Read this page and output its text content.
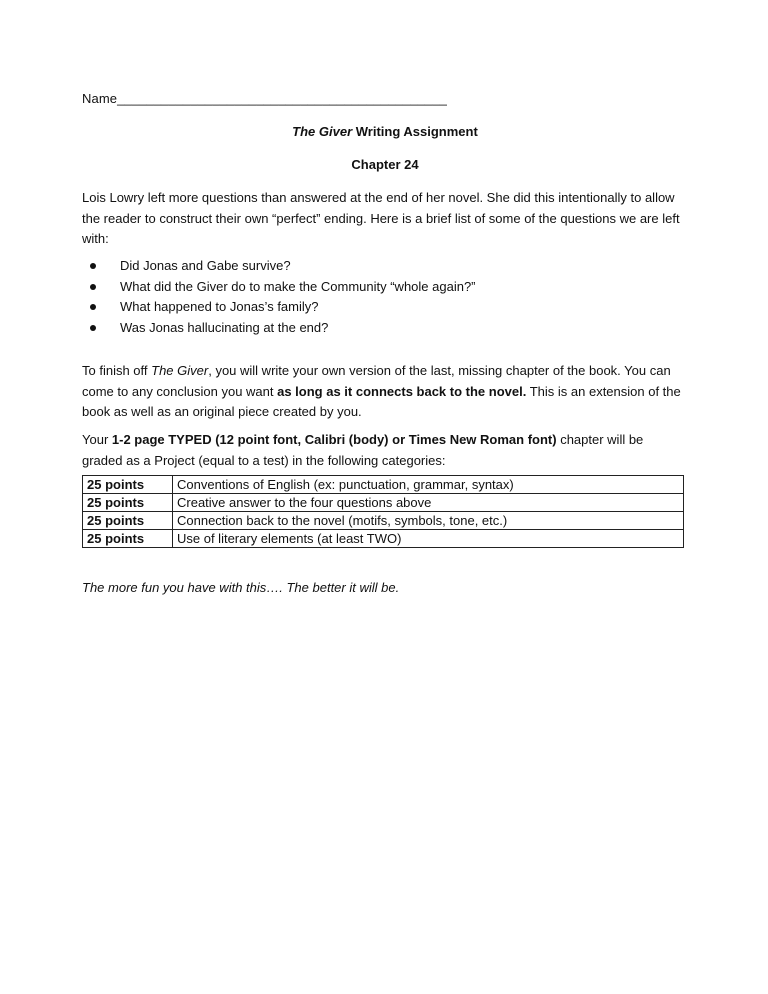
Name_____________________________________________
The Giver Writing Assignment
Chapter 24

Lois Lowry left more questions than answered at the end of her novel. She did this intentionally to allow the reader to construct their own “perfect” ending. Here is a brief list of some of the questions we are left with:

Did Jonas and Gabe survive?
What did the Giver do to make the Community “whole again?”
What happened to Jonas’s family?
Was Jonas hallucinating at the end?

To finish off The Giver, you will write your own version of the last, missing chapter of the book. You can come to any conclusion you want as long as it connects back to the novel. This is an extension of the book as well as an original piece created by you.

Your 1-2 page TYPED (12 point font, Calibri (body) or Times New Roman font) chapter will be graded as a Project (equal to a test) in the following categories:

25 points	Conventions of English (ex: punctuation, grammar, syntax)
25 points	Creative answer to the four questions above
25 points	Connection back to the novel (motifs, symbols, tone, etc.)
25 points	Use of literary elements (at least TWO)
The more fun you have with this…. The better it will be.
